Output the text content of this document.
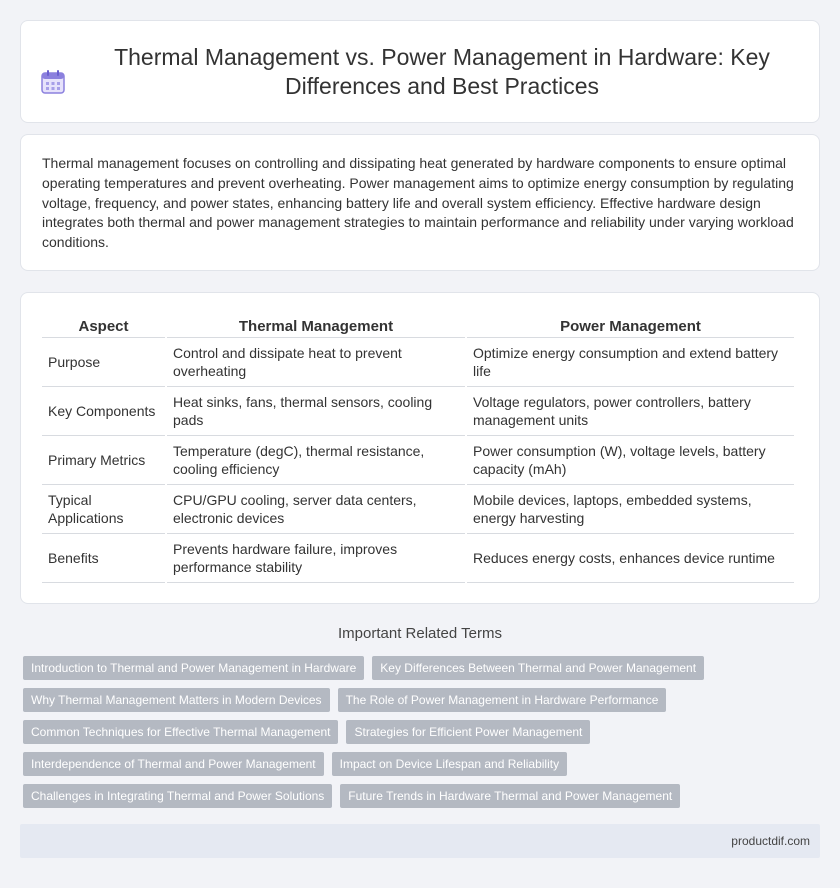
Thermal Management vs. Power Management in Hardware: Key Differences and Best Practices

Thermal management focuses on controlling and dissipating heat generated by hardware components to ensure optimal operating temperatures and prevent overheating. Power management aims to optimize energy consumption by regulating voltage, frequency, and power states, enhancing battery life and overall system efficiency. Effective hardware design integrates both thermal and power management strategies to maintain performance and reliability under varying workload conditions.

Aspect	Thermal Management	Power Management
Purpose	Control and dissipate heat to prevent overheating	Optimize energy consumption and extend battery life
Key Components	Heat sinks, fans, thermal sensors, cooling pads	Voltage regulators, power controllers, battery management units
Primary Metrics	Temperature (degC), thermal resistance, cooling efficiency	Power consumption (W), voltage levels, battery capacity (mAh)
Typical Applications	CPU/GPU cooling, server data centers, electronic devices	Mobile devices, laptops, embedded systems, energy harvesting
Benefits	Prevents hardware failure, improves performance stability	Reduces energy costs, enhances device runtime
Important Related Terms
Introduction to Thermal and Power Management in Hardware	Key Differences Between Thermal and Power Management
Why Thermal Management Matters in Modern Devices	The Role of Power Management in Hardware Performance
Common Techniques for Effective Thermal Management	Strategies for Efficient Power Management
Interdependence of Thermal and Power Management	Impact on Device Lifespan and Reliability
Challenges in Integrating Thermal and Power Solutions	Future Trends in Hardware Thermal and Power Management
productdif.com
